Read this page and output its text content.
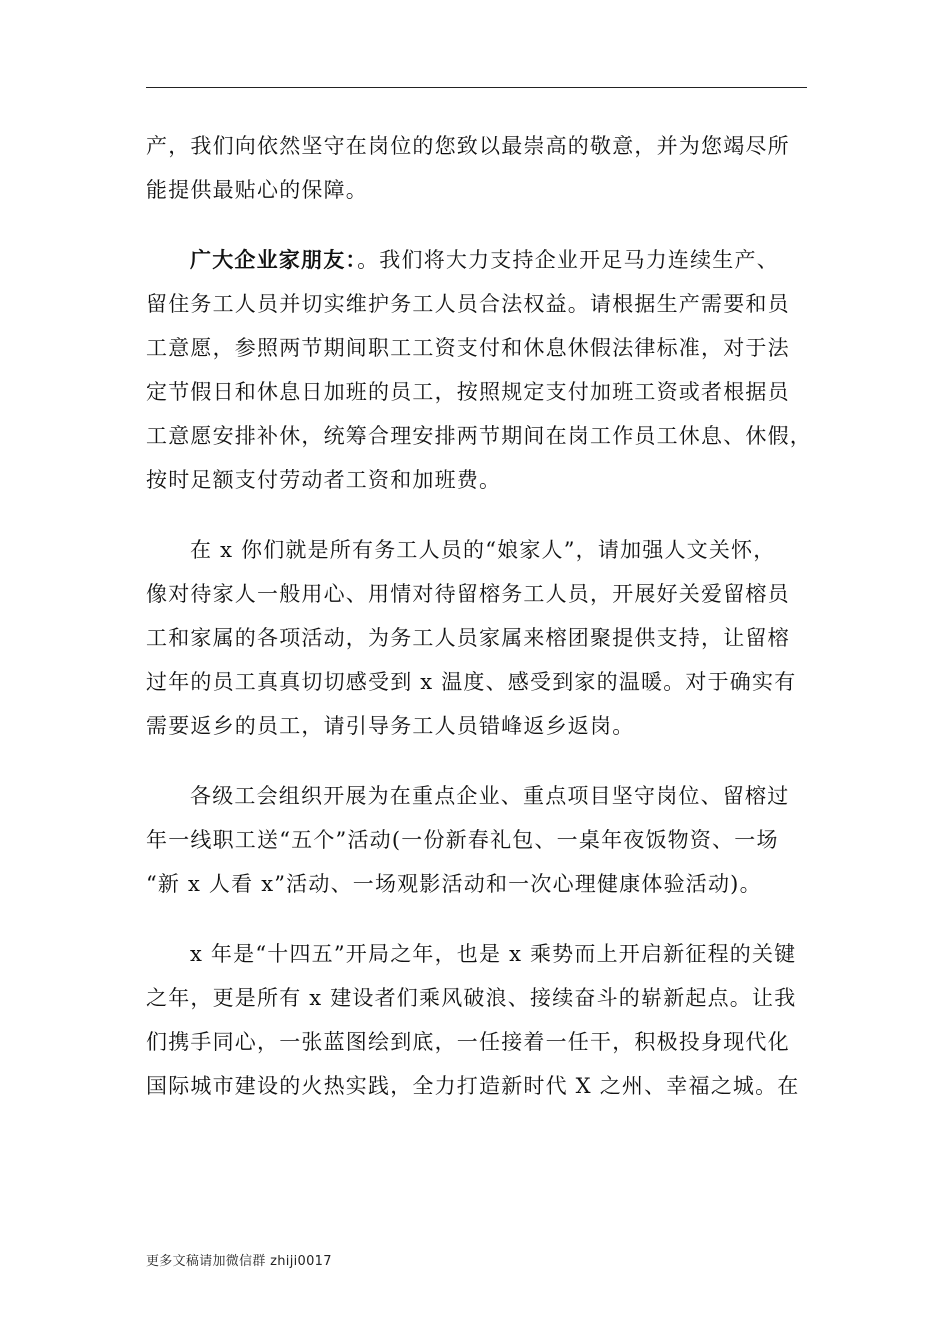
产，我们向依然坚守在岗位的您致以最崇高的敬意，并为您竭尽所
能提供最贴心的保障。

广大企业家朋友：。我们将大力支持企业开足马力连续生产、
留住务工人员并切实维护务工人员合法权益。请根据生产需要和员
工意愿，参照两节期间职工工资支付和休息休假法律标准，对于法
定节假日和休息日加班的员工，按照规定支付加班工资或者根据员
工意愿安排补休，统筹合理安排两节期间在岗工作员工休息、休假，
按时足额支付劳动者工资和加班费。

在 x 你们就是所有务工人员的“娘家人”，请加强人文关怀，
像对待家人一般用心、用情对待留榕务工人员，开展好关爱留榕员
工和家属的各项活动，为务工人员家属来榕团聚提供支持，让留榕
过年的员工真真切切感受到 x 温度、感受到家的温暖。对于确实有
需要返乡的员工，请引导务工人员错峰返乡返岗。

各级工会组织开展为在重点企业、重点项目坚守岗位、留榕过
年一线职工送“五个”活动(一份新春礼包、一桌年夜饭物资、一场
“新 x 人看 x”活动、一场观影活动和一次心理健康体验活动)。

x 年是“十四五”开局之年，也是 x 乘势而上开启新征程的关键
之年，更是所有 x 建设者们乘风破浪、接续奋斗的崭新起点。让我
们携手同心，一张蓝图绘到底，一任接着一任干，积极投身现代化
国际城市建设的火热实践，全力打造新时代 X 之州、幸福之城。在

更多文稿请加微信群 zhiji0017
